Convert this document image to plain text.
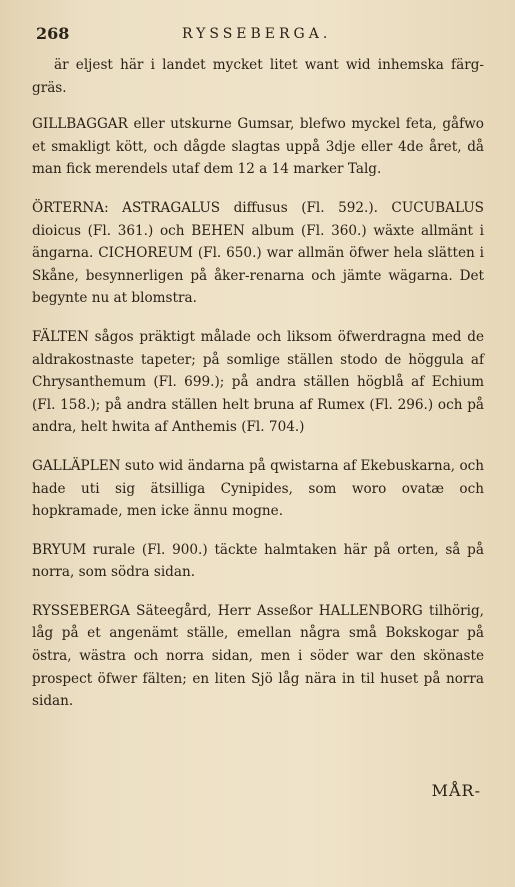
268	RYSSEBERGA.

är eljest här i landet mycket litet want wid inhemska färg-gräs.

GILLBAGGAR eller utskurne Gumsar, blefwo myckel feta, gåfwo et smakligt kött, och dågde slagtas uppå 3dje eller 4de året, då man fick merendels utaf dem 12 a 14 marker Talg.

ÖRTERNA: ASTRAGALUS diffusus (Fl. 592.). CUCUBALUS dioicus (Fl. 361.) och BEHEN album (Fl. 360.) wäxte allmänt i ängarna. CICHOREUM (Fl. 650.) war allmän öfwer hela slätten i Skåne, besynnerligen på åker-renarna och jämte wägarna. Det begynte nu at blomstra.

FÄLTEN sågos präktigt målade och liksom öfwerdragna med de aldrakostnaste tapeter; på somlige ställen stodo de höggula af Chrysanthemum (Fl. 699.); på andra ställen högblå af Echium (Fl. 158.); på andra ställen helt bruna af Rumex (Fl. 296.) och på andra, helt hwita af Anthemis (Fl. 704.)

GALLÄPLEN suto wid ändarna på qwistarna af Ekebuskarna, och hade uti sig ätsilliga Cynipides, som woro ovatæ och hopkramade, men icke ännu mogne.

BRYUM rurale (Fl. 900.) täckte halmtaken här på orten, så på norra, som södra sidan.

RYSSEBERGA Säteegård, Herr Asseßor HALLENBORG tilhörig, låg på et angenämt ställe, emellan några små Bokskogar på östra, wästra och norra sidan, men i söder war den skönaste prospect öfwer fälten; en liten Sjö låg nära in til huset på norra sidan.

MÅR-
